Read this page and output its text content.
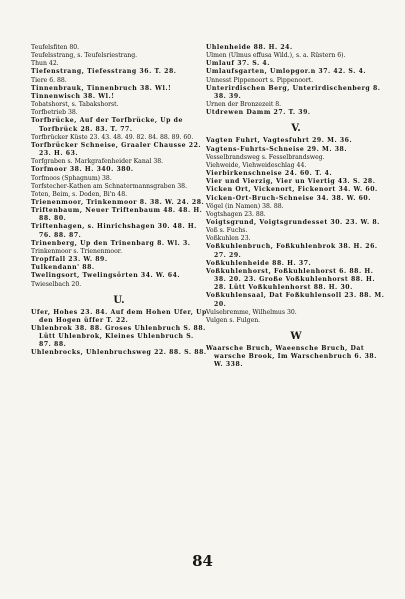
Teufelsfiten 80.

Teufelsstrang, s. Teufelsriestrang.

Thun 42.

Tiefenstrang, Tiefesstrang 36. T. 28.

Tiere 6. 88.

Tinnenbrauk, Tinnenbruch 38. Wl.!

Tinnenwisch 38. Wl.!

Tobatshorst, s. Tabakshorst.

Torfbetrieb 38.

Torfbrücke, Auf der Torfbrücke, Up de Torfbrück 28. 83. T. 77.

Torfbrücker Küste 23. 43. 48. 49. 82. 84. 88. 89. 60.

Torfbrücker Schneise, Graaler Chausse 22. 23. H. 63.

Torfgraben s. Markgrafenheider Kanal 38.

Torfmoor 38. H. 340. 380.

Torfmoos (Sphagnum) 38.

Torfstecher-Kathen am Schnatermannsgraben 38.

Toten, Beim, s. Doden, Bi'n 48.

Trienenmoor, Trinkenmoor 8. 38. W. 24. 28.

Triftenbaum, Neuer Triftenbaum 48. 48. H. 88. 80.

Triftenhagen, s. Hinrichshagen 30. 48. H. 76. 88. 87.

Trinenberg, Up den Trinenbarg 8. Wl. 3.

Trinkenmoor s. Trienenmoor.

Tropffall 23. W. 89.

Tulkendann' 88.

Twelingsort, Twelingsörten 34. W. 64.

Twieselbach 20.

U.

Ufer, Hohes 23. 84. Auf dem Hohen Ufer, Up den Hogen üffer T. 22.

Uhlenbrok 38. 88. Groses Uhlenbruch S. 88. Lütt Uhlenbrok, Kleines Uhlenbruch S. 87. 88.

Uhlenbrocks, Uhlenbruchsweg 22. 88. S. 88.

Uhlenheide 88. H. 24.

Ulmen (Ulmus effusa Wild.), s. a. Rüstern 6).

Umlauf 37. S. 4.

Umlaufsgarten, Umlopgor.n 37. 42. S. 4.

Unnesst Pippenoort s. Pippenoort.

Unterirdischen Berg, Unterirdischenberg 8. 38. 39.

Urnen der Bronzezeit 8.

Utdrewen Damm 27. T. 39.

V.

Vagten Fuhrt, Vagtesfuhrt 29. M. 36.

Vagtens-Fuhrts-Schneise 29. M. 38.

Vesselbrandsweg s. Fesselbrandsweg.

Viehweide, Viehweideschlag 44.

Vierbirkenschneise 24. 60. T. 4.

Vier und Vierzig, Vier un Viertig 43. S. 28.

Vicken Ort, Vickenort, Fickenort 34. W. 60.

Vicken-Ort-Bruch-Schneise 34. 38. W. 60.

Vögel (in Namen) 38. 88.

Vogtshagen 23. 88.

Voigtsgrund, Voigtsgrundesset 30. 23. W. 8.

Voß s. Fuchs.

Voßkuhlen 23.

Voßkuhlenbruch, Foßkuhlenbrok 38. H. 26. 27. 29.

Voßkuhlenheide 88. H. 37.

Voßkuhlenhorst, Foßkuhlenhorst 6. 88. H. 38. 20. 23. Große Voßkuhlenhorst 88. H. 28. Lütt Voßkuhlenhorst 88. H. 30.

Voßkuhlensaal, Dat Foßkuhlensoll 23. 88. M. 20.

Vulsebremme, Wilhelmus 30.

Vulgen s. Fulgen.

W

Waarsche Bruch, Waeensche Bruch, Dat warsche Brook, Im Warschenbruch 6. 38. W. 338.

84
